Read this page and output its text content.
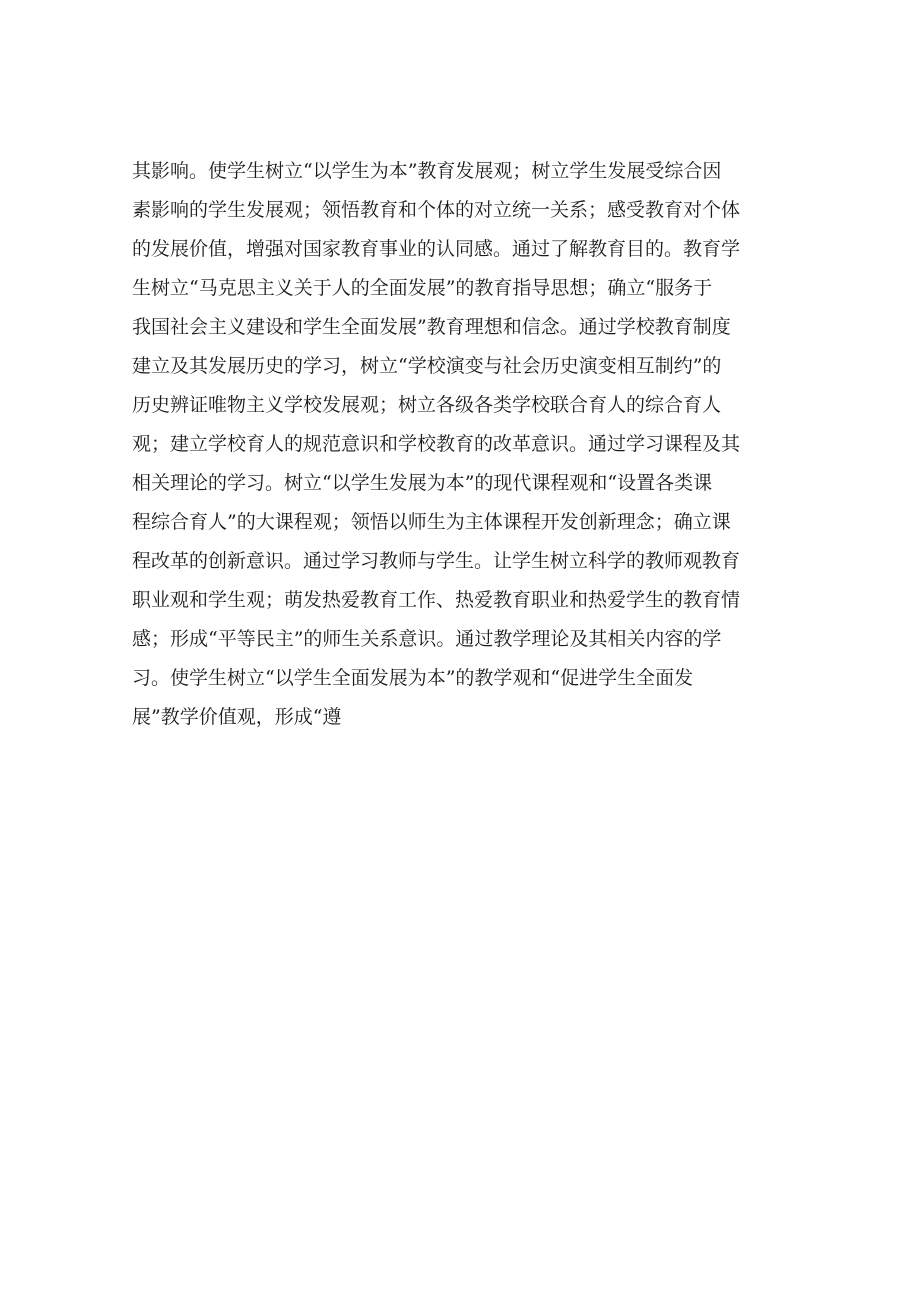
其影响。使学生树立“以学生为本”教育发展观；树立学生发展受综合因
素影响的学生发展观；领悟教育和个体的对立统一关系；感受教育对个体
的发展价值，增强对国家教育事业的认同感。通过了解教育目的。教育学
生树立“马克思主义关于人的全面发展”的教育指导思想；确立“服务于
我国社会主义建设和学生全面发展”教育理想和信念。通过学校教育制度
建立及其发展历史的学习，树立“学校演变与社会历史演变相互制约”的
历史辨证唯物主义学校发展观；树立各级各类学校联合育人的综合育人
观；建立学校育人的规范意识和学校教育的改革意识。通过学习课程及其
相关理论的学习。树立“以学生发展为本”的现代课程观和“设置各类课
程综合育人”的大课程观；领悟以师生为主体课程开发创新理念；确立课
程改革的创新意识。通过学习教师与学生。让学生树立科学的教师观教育
职业观和学生观；萌发热爱教育工作、热爱教育职业和热爱学生的教育情
感；形成“平等民主”的师生关系意识。通过教学理论及其相关内容的学
习。使学生树立“以学生全面发展为本”的教学观和“促进学生全面发
展”教学价值观，形成“遵
